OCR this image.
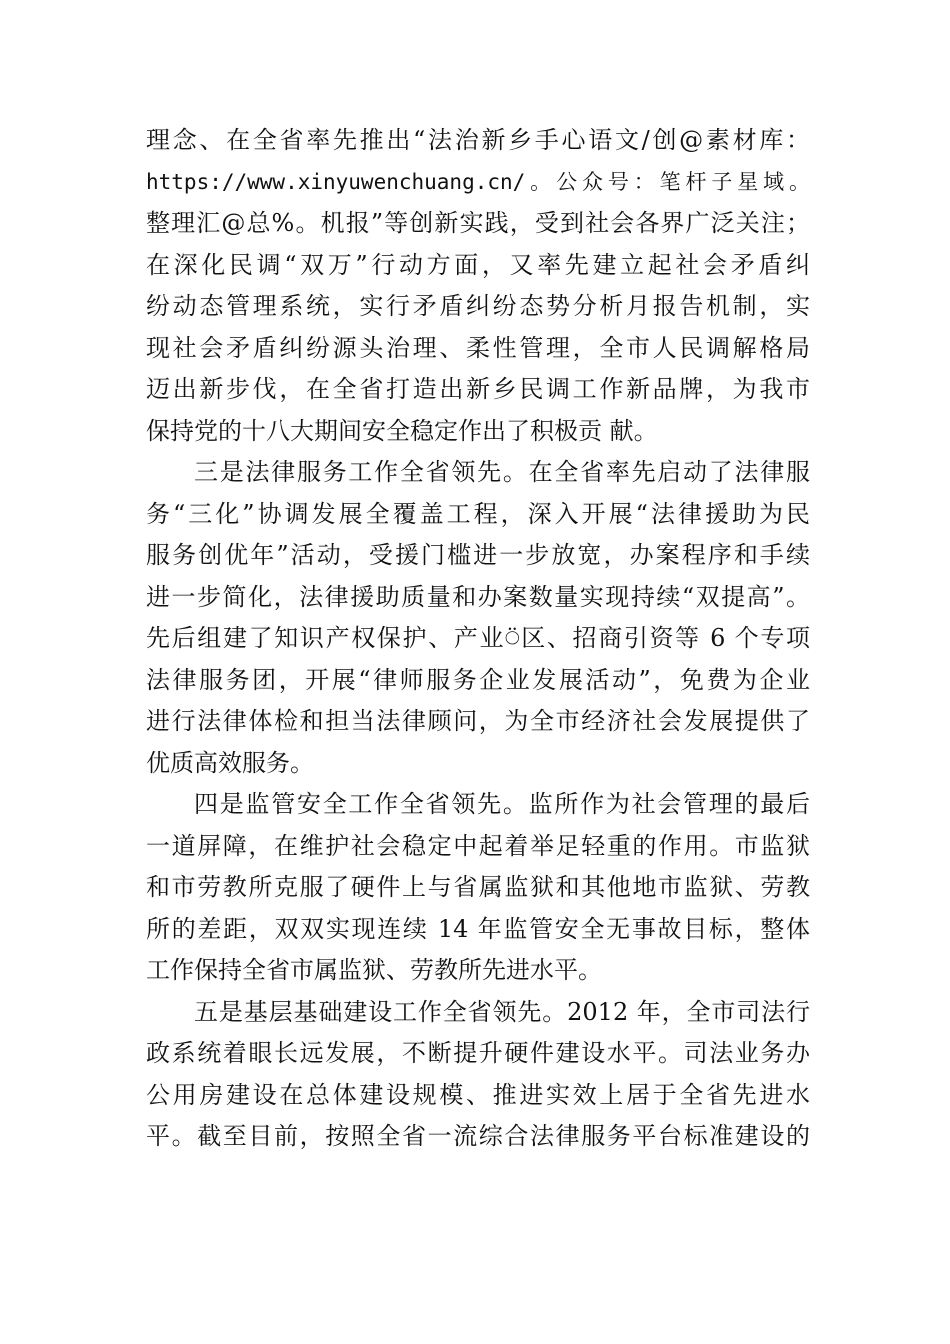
理念、在全省率先推出“法治新乡手心语文/创@素材库：
https://www.xinyuwenchuang.cn/。公众号：笔杆子星域。
整理汇@总%。机报”等创新实践，受到社会各界广泛关注；
在深化民调“双万”行动方面，又率先建立起社会矛盾纠
纷动态管理系统，实行矛盾纠纷态势分析月报告机制，实
现社会矛盾纠纷源头治理、柔性管理，全市人民调解格局
迈出新步伐，在全省打造出新乡民调工作新品牌，为我市
保持党的十八大期间安全稳定作出了积极贡 献。
三是法律服务工作全省领先。在全省率先启动了法律服
务“三化”协调发展全覆盖工程，深入开展“法律援助为民
服务创优年”活动，受援门槛进一步放宽，办案程序和手续
进一步简化，法律援助质量和办案数量实现持续“双提高”。
先后组建了知识产权保护、产业⍥区、招商引资等 6 个专项
法律服务团，开展“律师服务企业发展活动”，免费为企业
进行法律体检和担当法律顾问，为全市经济社会发展提供了
优质高效服务。
四是监管安全工作全省领先。监所作为社会管理的最后
一道屏障，在维护社会稳定中起着举足轻重的作用。市监狱
和市劳教所克服了硬件上与省属监狱和其他地市监狱、劳教
所的差距，双双实现连续 14 年监管安全无事故目标，整体
工作保持全省市属监狱、劳教所先进水平。
五是基层基础建设工作全省领先。2012 年，全市司法行
政系统着眼长远发展，不断提升硬件建设水平。司法业务办
公用房建设在总体建设规模、推进实效上居于全省先进水
平。截至目前，按照全省一流综合法律服务平台标准建设的
